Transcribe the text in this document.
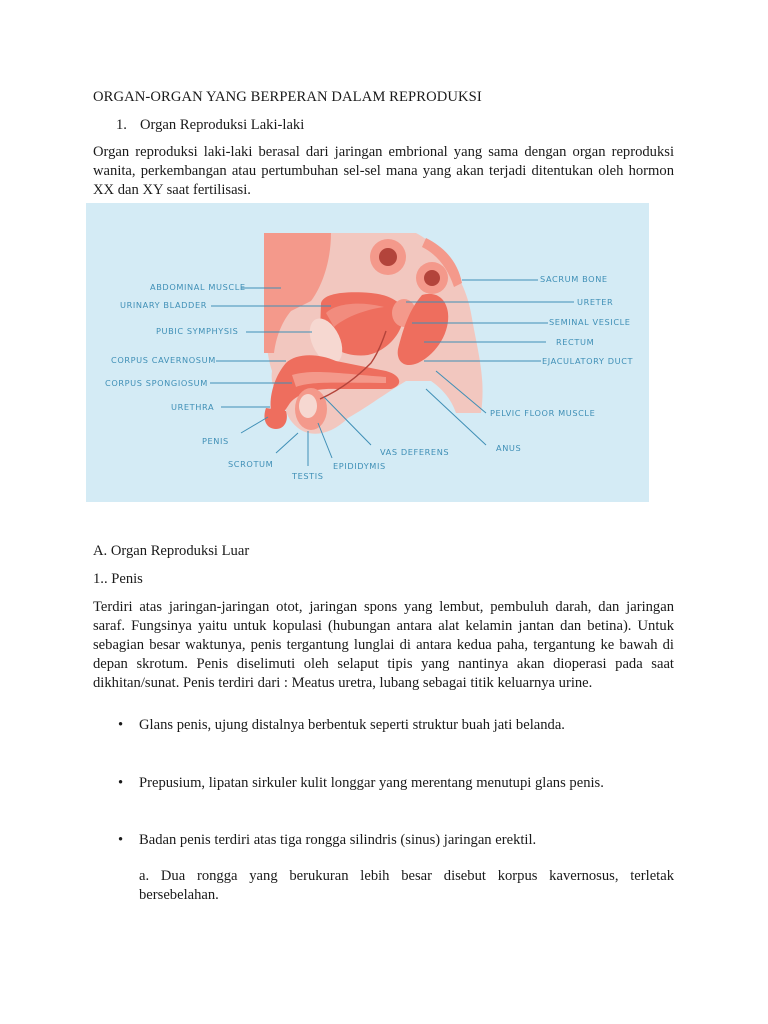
ORGAN-ORGAN YANG BERPERAN DALAM REPRODUKSI
1. Organ Reproduksi Laki-laki
Organ reproduksi laki-laki berasal dari jaringan embrional yang sama dengan organ reproduksi wanita, perkembangan atau pertumbuhan sel-sel mana yang akan terjadi ditentukan oleh hormon XX dan XY saat fertilisasi.
ABDOMINAL MUSCLE
URINARY BLADDER
PUBIC SYMPHYSIS
CORPUS CAVERNOSUM
CORPUS SPONGIOSUM
URETHRA
PENIS
SCROTUM
TESTIS
EPIDIDYMIS
VAS DEFERENS	ANUS
PELVIC FLOOR MUSCLE
EJACULATORY DUCT
RECTUM
SEMINAL VESICLE
URETER
SACRUM BONE
A. Organ Reproduksi Luar
1.. Penis
Terdiri atas jaringan-jaringan otot, jaringan spons yang lembut, pembuluh darah, dan jaringan saraf. Fungsinya yaitu untuk kopulasi (hubungan antara alat kelamin jantan dan betina). Untuk sebagian besar waktunya, penis tergantung lunglai di antara kedua paha, tergantung ke bawah di depan skrotum. Penis diselimuti oleh selaput tipis yang nantinya akan dioperasi pada saat dikhitan/sunat. Penis terdiri dari : Meatus uretra, lubang sebagai titik keluarnya urine.
• Glans penis, ujung distalnya berbentuk seperti struktur buah jati belanda.
• Prepusium, lipatan sirkuler kulit longgar yang merentang menutupi glans penis.
• Badan penis terdiri atas tiga rongga silindris (sinus) jaringan erektil.
a. Dua rongga yang berukuran lebih besar disebut korpus kavernosus, terletak bersebelahan.
